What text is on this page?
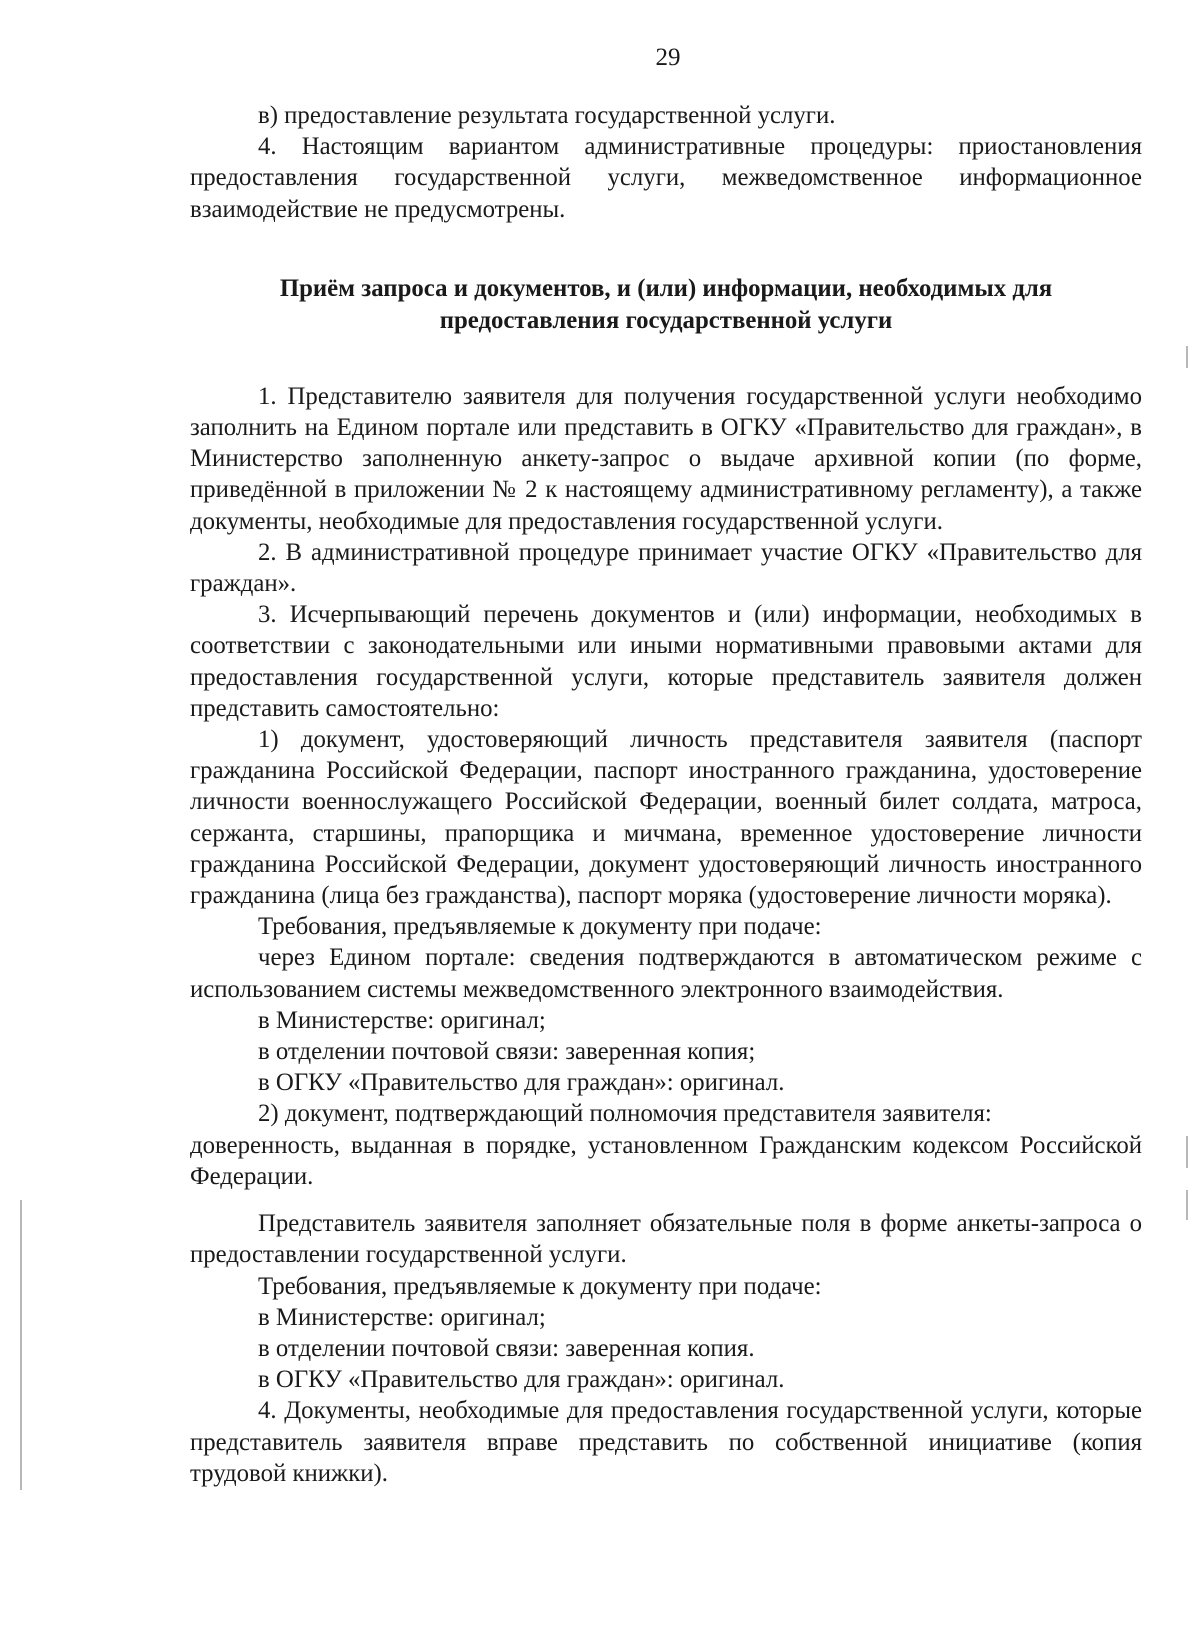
29

в) предоставление результата государственной услуги.

4. Настоящим вариантом административные процедуры: приостановления предоставления государственной услуги, межведомственное информационное взаимодействие не предусмотрены.

Приём запроса и документов, и (или) информации, необходимых для предоставления государственной услуги

1. Представителю заявителя для получения государственной услуги необходимо заполнить на Едином портале или представить в ОГКУ «Правительство для граждан», в Министерство заполненную анкету-запрос о выдаче архивной копии (по форме, приведённой в приложении № 2 к настоящему административному регламенту), а также документы, необходимые для предоставления государственной услуги.

2. В административной процедуре принимает участие ОГКУ «Правительство для граждан».

3. Исчерпывающий перечень документов и (или) информации, необходимых в соответствии с законодательными или иными нормативными правовыми актами для предоставления государственной услуги, которые представитель заявителя должен представить самостоятельно:

1) документ, удостоверяющий личность представителя заявителя (паспорт гражданина Российской Федерации, паспорт иностранного гражданина, удостоверение личности военнослужащего Российской Федерации, военный билет солдата, матроса, сержанта, старшины, прапорщика и мичмана, временное удостоверение личности гражданина Российской Федерации, документ удостоверяющий личность иностранного гражданина (лица без гражданства), паспорт моряка (удостоверение личности моряка).

Требования, предъявляемые к документу при подаче:

через Едином портале: сведения подтверждаются в автоматическом режиме с использованием системы межведомственного электронного взаимодействия.

в Министерстве: оригинал;

в отделении почтовой связи: заверенная копия;

в ОГКУ «Правительство для граждан»: оригинал.

2) документ, подтверждающий полномочия представителя заявителя:

доверенность, выданная в порядке, установленном Гражданским кодексом Российской Федерации.

Представитель заявителя заполняет обязательные поля в форме анкеты-запроса о предоставлении государственной услуги.

Требования, предъявляемые к документу при подаче:

в Министерстве: оригинал;

в отделении почтовой связи: заверенная копия.

в ОГКУ «Правительство для граждан»: оригинал.

4. Документы, необходимые для предоставления государственной услуги, которые представитель заявителя вправе представить по собственной инициативе (копия трудовой книжки).
